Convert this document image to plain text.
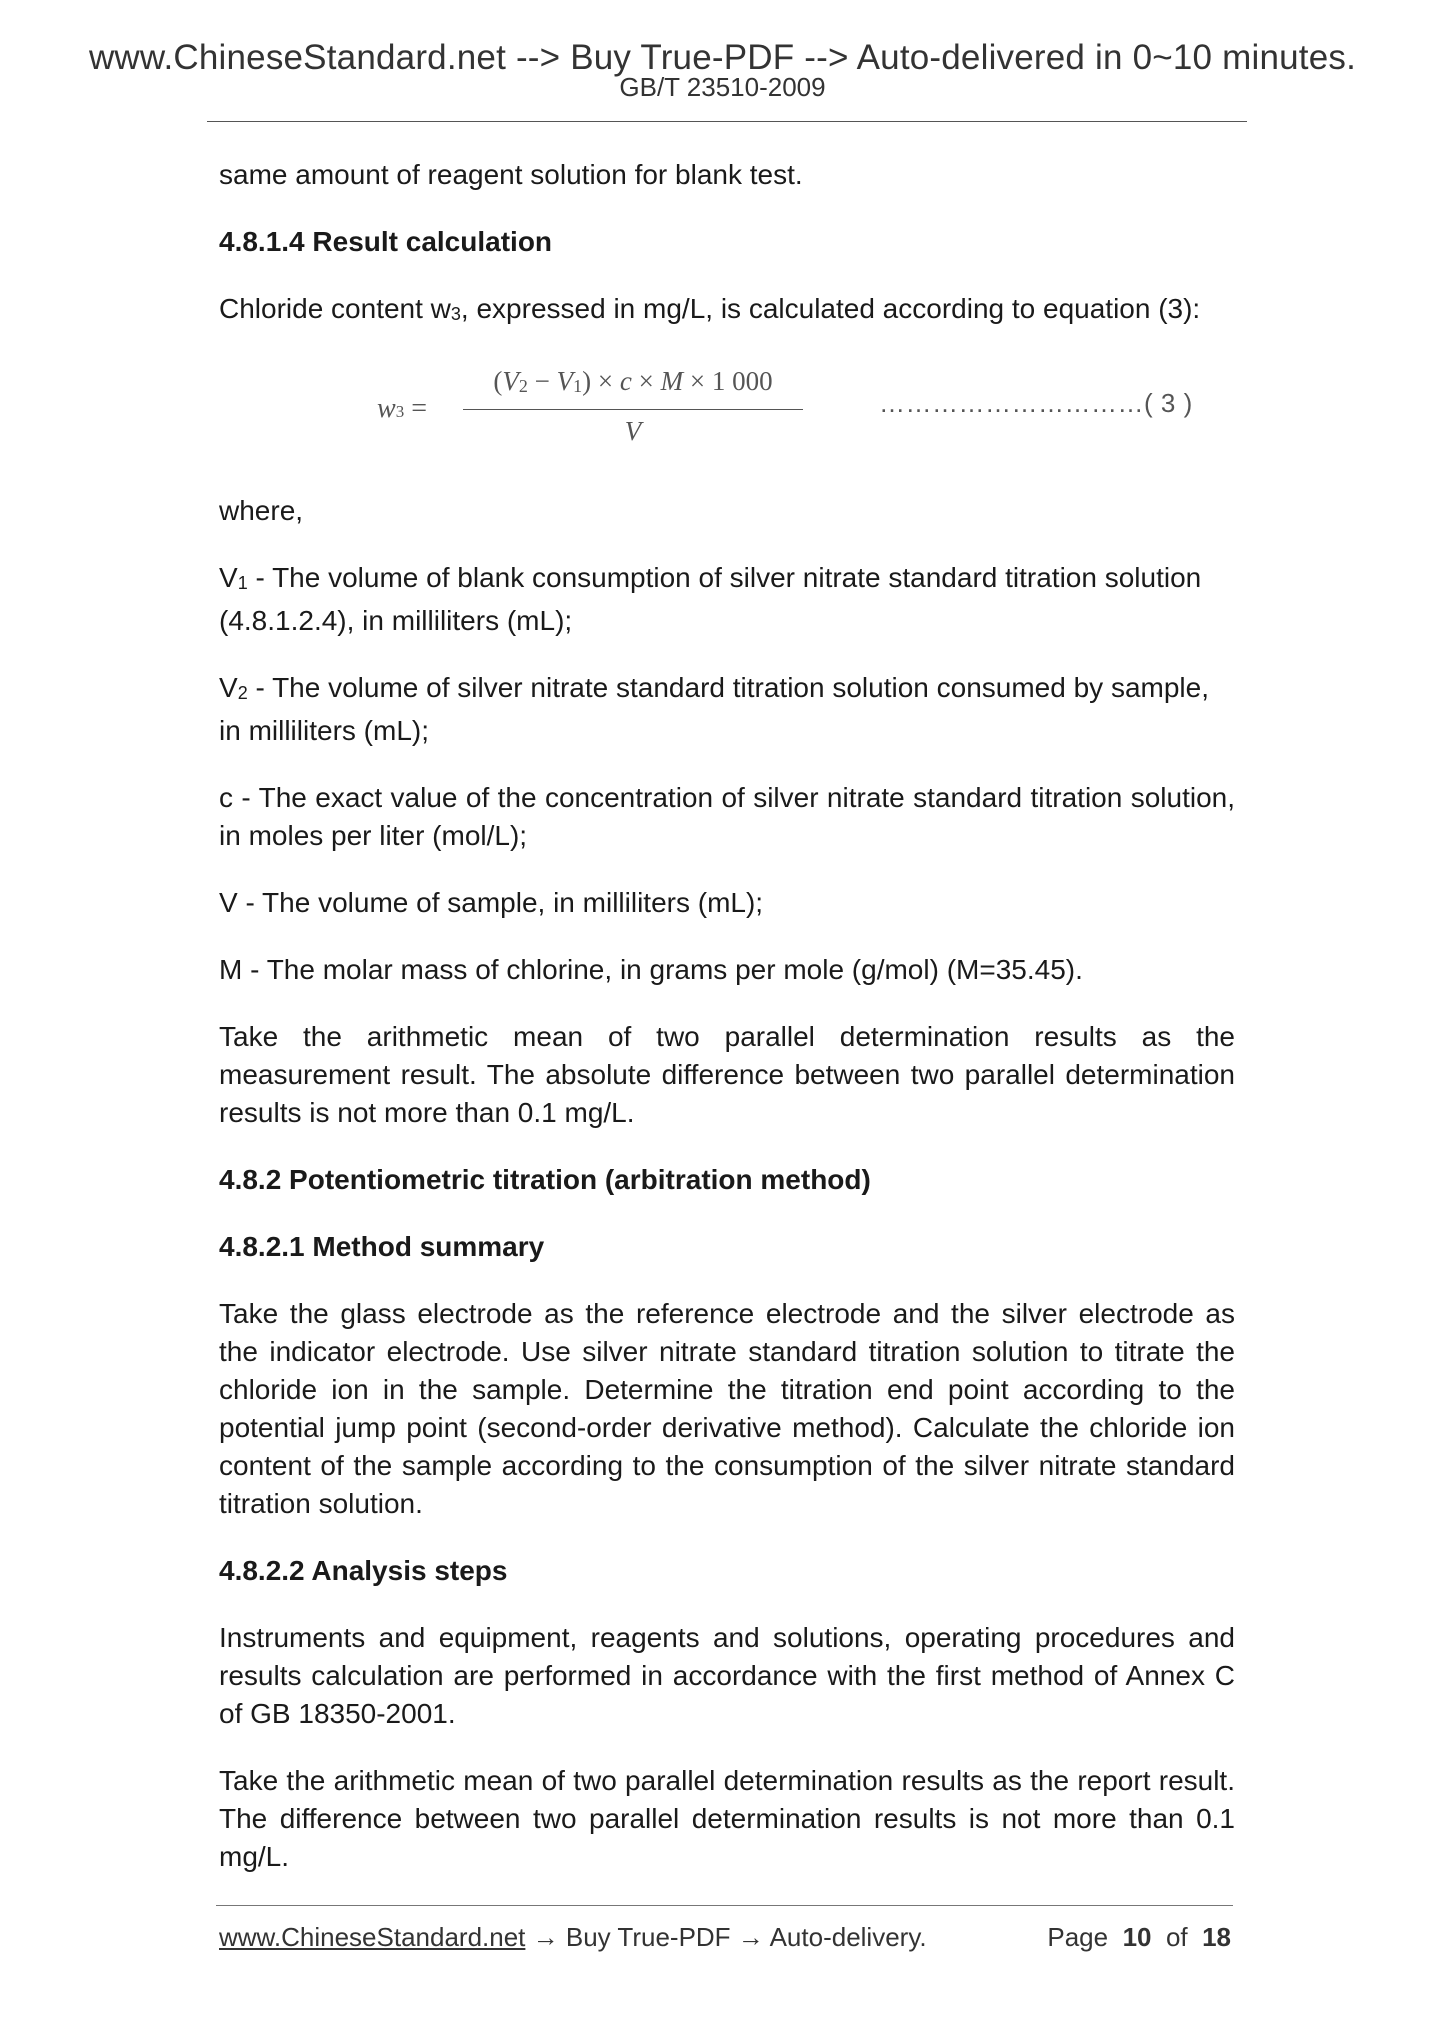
www.ChineseStandard.net --> Buy True-PDF --> Auto-delivered in 0~10 minutes.
GB/T 23510-2009

same amount of reagent solution for blank test.

4.8.1.4 Result calculation

Chloride content w3, expressed in mg/L, is calculated according to equation (3):

w3 =
(V2 − V1) × c × M × 1 000
V
…………………………( 3 )

where,

V1 - The volume of blank consumption of silver nitrate standard titration solution (4.8.1.2.4), in milliliters (mL);

V2 - The volume of silver nitrate standard titration solution consumed by sample, in milliliters (mL);

c - The exact value of the concentration of silver nitrate standard titration solution, in moles per liter (mol/L);

V - The volume of sample, in milliliters (mL);

M - The molar mass of chlorine, in grams per mole (g/mol) (M=35.45).

Take the arithmetic mean of two parallel determination results as the measurement result. The absolute difference between two parallel determination results is not more than 0.1 mg/L.

4.8.2 Potentiometric titration (arbitration method)

4.8.2.1 Method summary

Take the glass electrode as the reference electrode and the silver electrode as the indicator electrode. Use silver nitrate standard titration solution to titrate the chloride ion in the sample. Determine the titration end point according to the potential jump point (second-order derivative method). Calculate the chloride ion content of the sample according to the consumption of the silver nitrate standard titration solution.

4.8.2.2 Analysis steps

Instruments and equipment, reagents and solutions, operating procedures and results calculation are performed in accordance with the first method of Annex C of GB 18350-2001.

Take the arithmetic mean of two parallel determination results as the report result. The difference between two parallel determination results is not more than 0.1 mg/L.

www.ChineseStandard.net → Buy True-PDF → Auto-delivery.	Page 10 of 18
